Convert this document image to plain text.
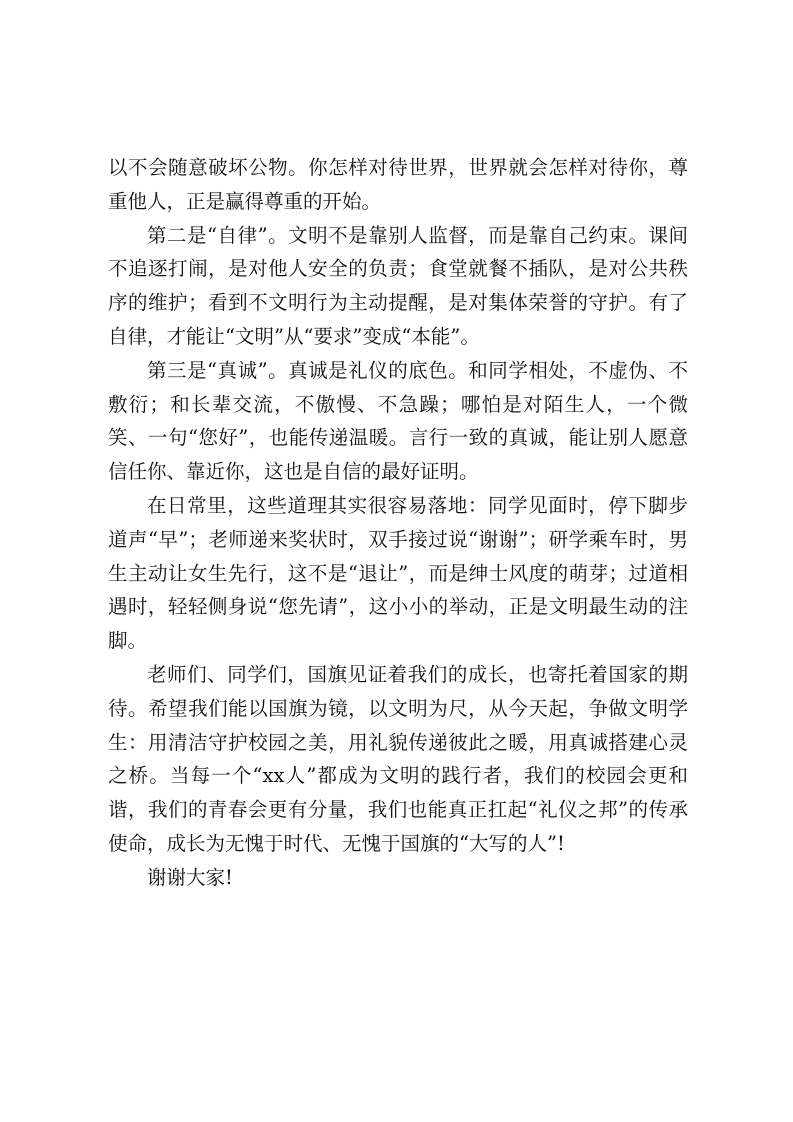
以不会随意破坏公物。你怎样对待世界，世界就会怎样对待你，尊重他人，正是赢得尊重的开始。

第二是“自律”。文明不是靠别人监督，而是靠自己约束。课间不追逐打闹，是对他人安全的负责；食堂就餐不插队，是对公共秩序的维护；看到不文明行为主动提醒，是对集体荣誉的守护。有了自律，才能让“文明”从“要求”变成“本能”。

第三是“真诚”。真诚是礼仪的底色。和同学相处，不虚伪、不敷衍；和长辈交流，不傲慢、不急躁；哪怕是对陌生人，一个微笑、一句“您好”，也能传递温暖。言行一致的真诚，能让别人愿意信任你、靠近你，这也是自信的最好证明。

在日常里，这些道理其实很容易落地：同学见面时，停下脚步道声“早”；老师递来奖状时，双手接过说“谢谢”；研学乘车时，男生主动让女生先行，这不是“退让”，而是绅士风度的萌芽；过道相遇时，轻轻侧身说“您先请”，这小小的举动，正是文明最生动的注脚。

老师们、同学们，国旗见证着我们的成长，也寄托着国家的期待。希望我们能以国旗为镜，以文明为尺，从今天起，争做文明学生：用清洁守护校园之美，用礼貌传递彼此之暖，用真诚搭建心灵之桥。当每一个“xx人”都成为文明的践行者，我们的校园会更和谐，我们的青春会更有分量，我们也能真正扛起“礼仪之邦”的传承使命，成长为无愧于时代、无愧于国旗的“大写的人”!

谢谢大家!
